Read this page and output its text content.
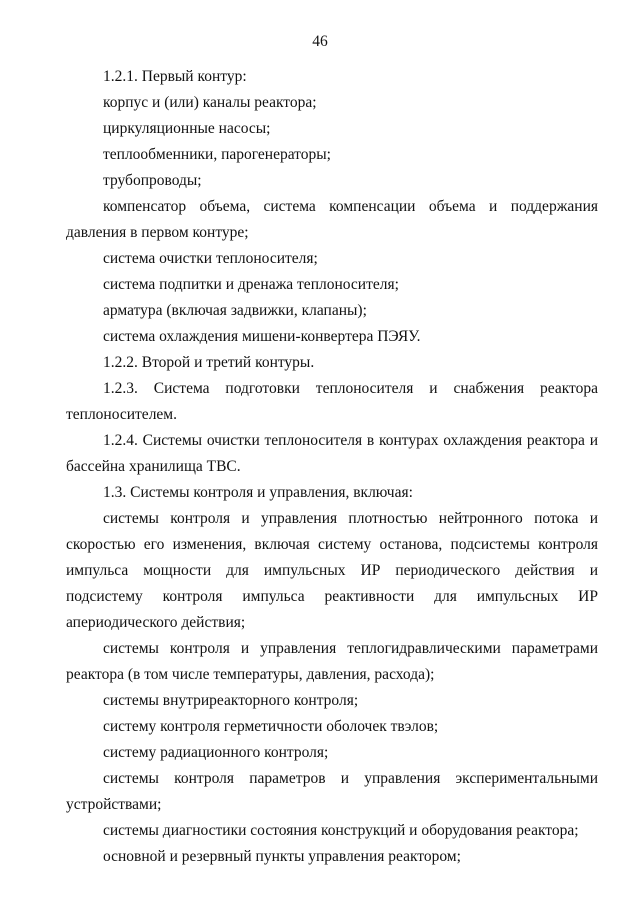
46

1.2.1. Первый контур:

корпус и (или) каналы реактора;

циркуляционные насосы;

теплообменники, парогенераторы;

трубопроводы;

компенсатор объема, система компенсации объема и поддержания давления в первом контуре;

система очистки теплоносителя;

система подпитки и дренажа теплоносителя;

арматура (включая задвижки, клапаны);

система охлаждения мишени-конвертера ПЭЯУ.

1.2.2. Второй и третий контуры.

1.2.3. Система подготовки теплоносителя и снабжения реактора теплоносителем.

1.2.4. Системы очистки теплоносителя в контурах охлаждения реактора и бассейна хранилища ТВС.

1.3. Системы контроля и управления, включая:

системы контроля и управления плотностью нейтронного потока и скоростью его изменения, включая систему останова, подсистемы контроля импульса мощности для импульсных ИР периодического действия и подсистему контроля импульса реактивности для импульсных ИР апериодического действия;

системы контроля и управления теплогидравлическими параметрами реактора (в том числе температуры, давления, расхода);

системы внутриреакторного контроля;

систему контроля герметичности оболочек твэлов;

систему радиационного контроля;

системы контроля параметров и управления экспериментальными устройствами;

системы диагностики состояния конструкций и оборудования реактора;

основной и резервный пункты управления реактором;
